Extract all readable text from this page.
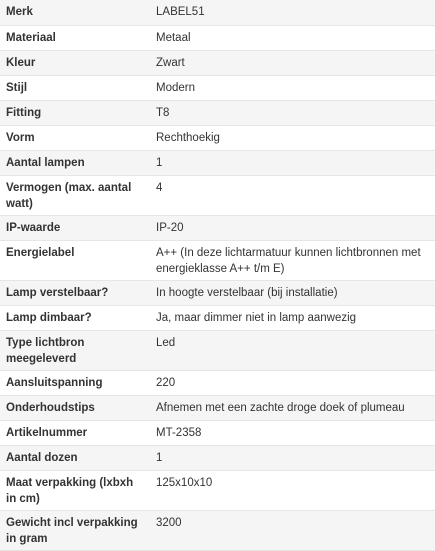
Merk	LABEL51
Materiaal	Metaal
Kleur	Zwart
Stijl	Modern
Fitting	T8
Vorm	Rechthoekig
Aantal lampen	1
Vermogen (max. aantal watt)	4
IP-waarde	IP-20
Energielabel	A++ (In deze lichtarmatuur kunnen lichtbronnen met energieklasse A++ t/m E)
Lamp verstelbaar?	In hoogte verstelbaar (bij installatie)
Lamp dimbaar?	Ja, maar dimmer niet in lamp aanwezig
Type lichtbron meegeleverd	Led
Aansluitspanning	220
Onderhoudstips	Afnemen met een zachte droge doek of plumeau
Artikelnummer	MT-2358
Aantal dozen	1
Maat verpakking (lxbxh in cm)	125x10x10
Gewicht incl verpakking in gram	3200
